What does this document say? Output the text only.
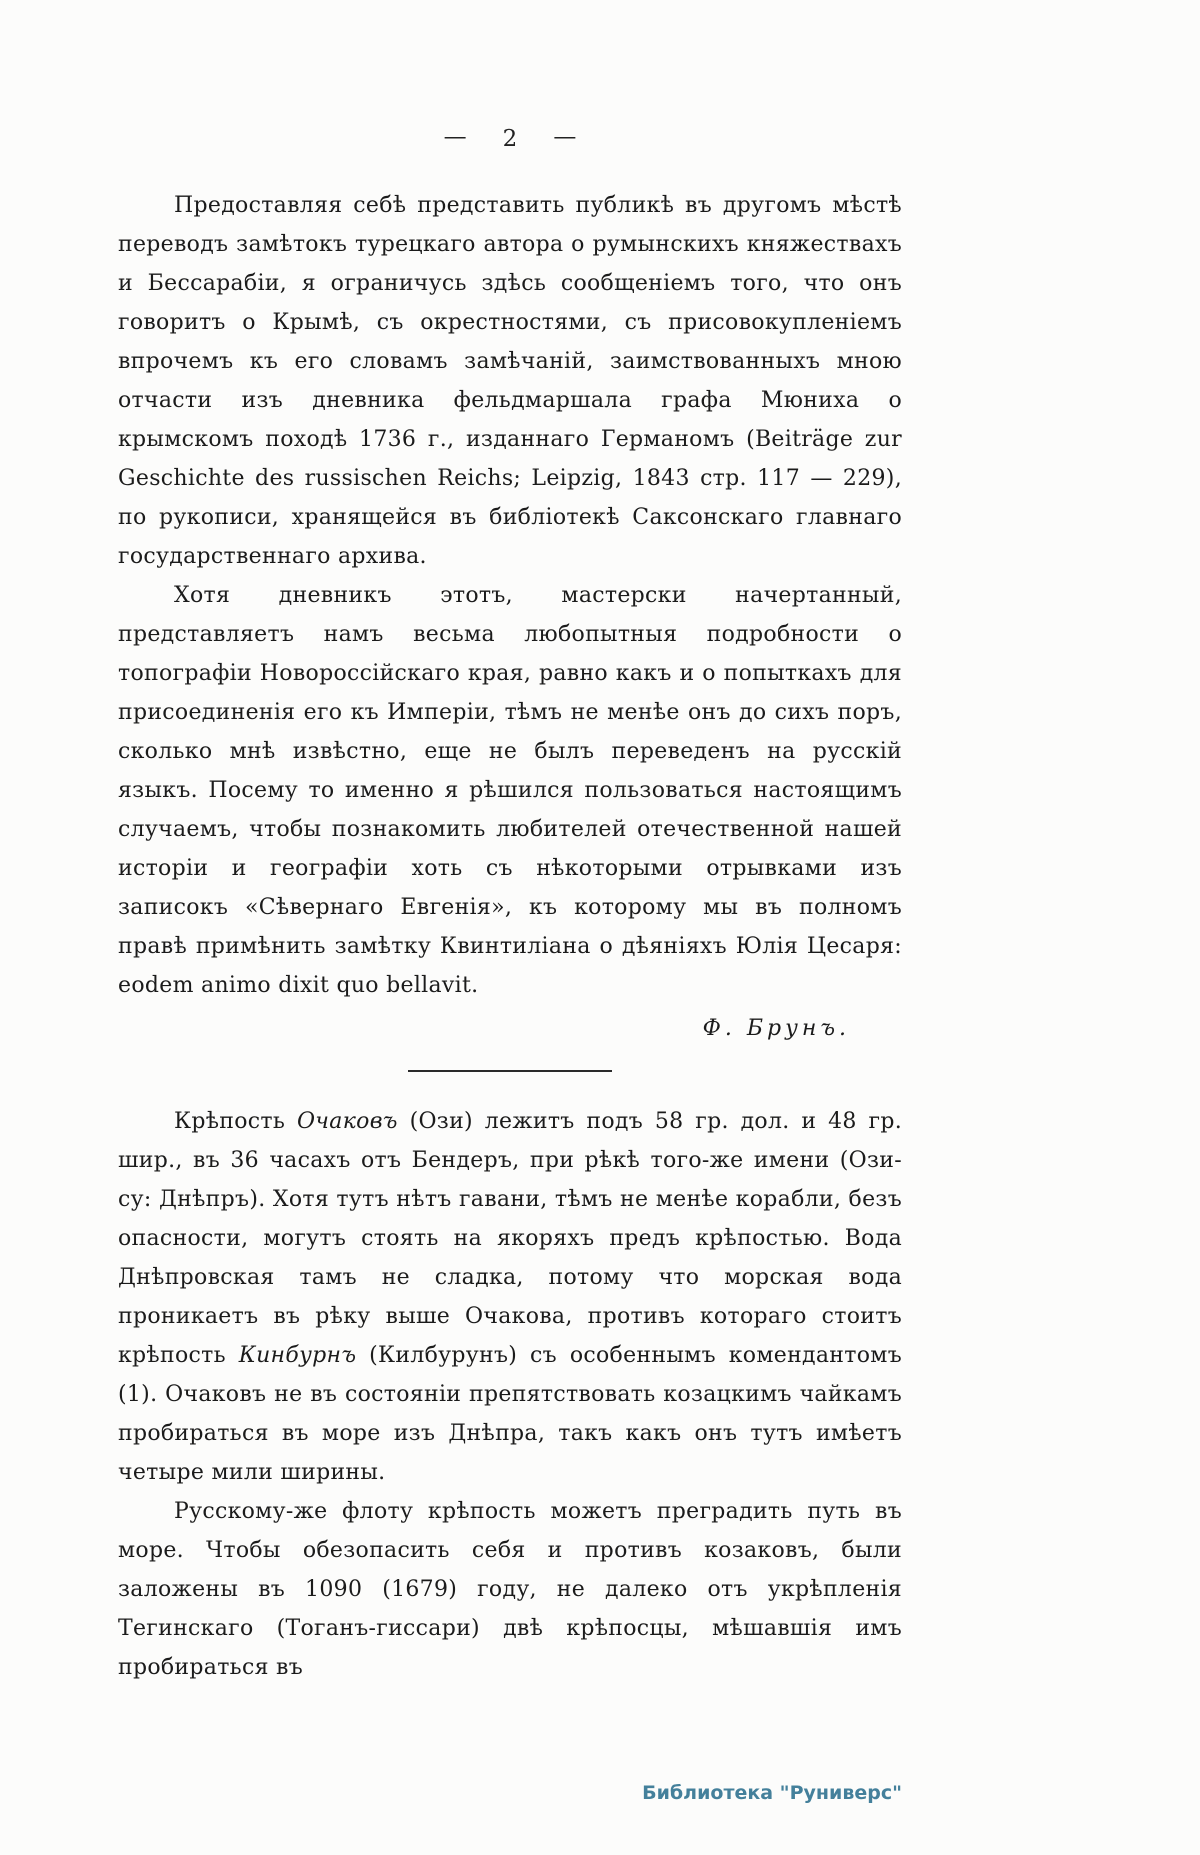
— 2 —

Предоставляя себѣ представить публикѣ въ другомъ мѣстѣ переводъ замѣтокъ турецкаго автора о румынскихъ княжествахъ и Бессарабіи, я ограничусь здѣсь сообщеніемъ того, что онъ говоритъ о Крымѣ, съ окрестностями, съ присовокупленіемъ впрочемъ къ его словамъ замѣчаній, заимствованныхъ мною отчасти изъ дневника фельдмаршала графа Мюниха о крымскомъ походѣ 1736 г., изданнаго Германомъ (Beiträge zur Geschichte des russischen Reichs; Leipzig, 1843 стр. 117 — 229), по рукописи, хранящейся въ библіотекѣ Саксонскаго главнаго государственнаго архива.

Хотя дневникъ этотъ, мастерски начертанный, представляетъ намъ весьма любопытныя подробности о топографіи Новороссійскаго края, равно какъ и о попыткахъ для присоединенія его къ Имперіи, тѣмъ не менѣе онъ до сихъ поръ, сколько мнѣ извѣстно, еще не былъ переведенъ на русскій языкъ. Посему то именно я рѣшился пользоваться настоящимъ случаемъ, чтобы познакомить любителей отечественной нашей исторіи и географіи хоть съ нѣкоторыми отрывками изъ записокъ «Сѣвернаго Евгенія», къ которому мы въ полномъ правѣ примѣнить замѣтку Квинтиліана о дѣяніяхъ Юлія Цесаря: eodem animo dixit quo bellavit.

Ф. Брунъ.

Крѣпость Очаковъ (Ози) лежитъ подъ 58 гр. дол. и 48 гр. шир., въ 36 часахъ отъ Бендеръ, при рѣкѣ того-же имени (Ози-су: Днѣпръ). Хотя тутъ нѣтъ гавани, тѣмъ не менѣе корабли, безъ опасности, могутъ стоять на якоряхъ предъ крѣпостью. Вода Днѣпровская тамъ не сладка, потому что морская вода проникаетъ въ рѣку выше Очакова, противъ котораго стоитъ крѣпость Кинбурнъ (Килбурунъ) съ особеннымъ комендантомъ (1). Очаковъ не въ состояніи препятствовать козацкимъ чайкамъ пробираться въ море изъ Днѣпра, такъ какъ онъ тутъ имѣетъ четыре мили ширины.

Русскому-же флоту крѣпость можетъ преградить путь въ море. Чтобы обезопасить себя и противъ козаковъ, были заложены въ 1090 (1679) году, не далеко отъ укрѣпленія Тегинскаго (Тоганъ-гиссари) двѣ крѣпосцы, мѣшавшія имъ пробираться въ

Библиотека "Руниверс"
